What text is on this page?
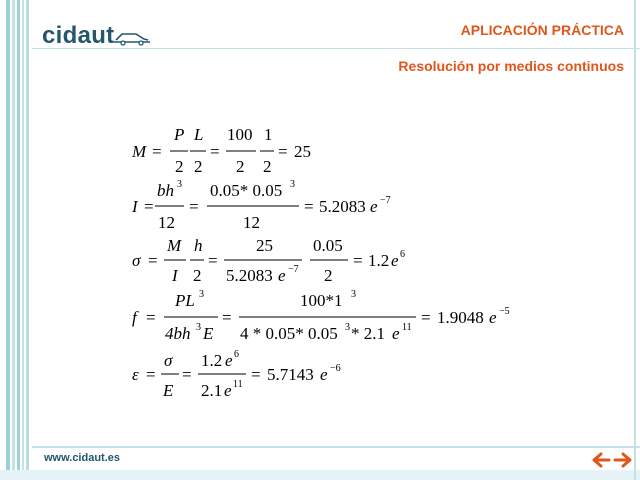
cidaut	APLICACIÓN PRÁCTICA
Resolución por medios continuos
M =
P
2
L
2
=
100
2
1
2
= 25
I =
bh 3
12
=
0.05* 0.05 3
12
= 5.2083 e −7
σ =
M
I
h
2
=
25
5.2083 e −7
0.05
2
= 1.2 e 6
f =
PL 3
4bh 3 E
=
100*1 3
4 * 0.05* 0.05 3 * 2.1 e 11
= 1.9048 e −5
ε =
σ
E
=
1.2 e 6
2.1 e 11
= 5.7143 e −6
www.cidaut.es
